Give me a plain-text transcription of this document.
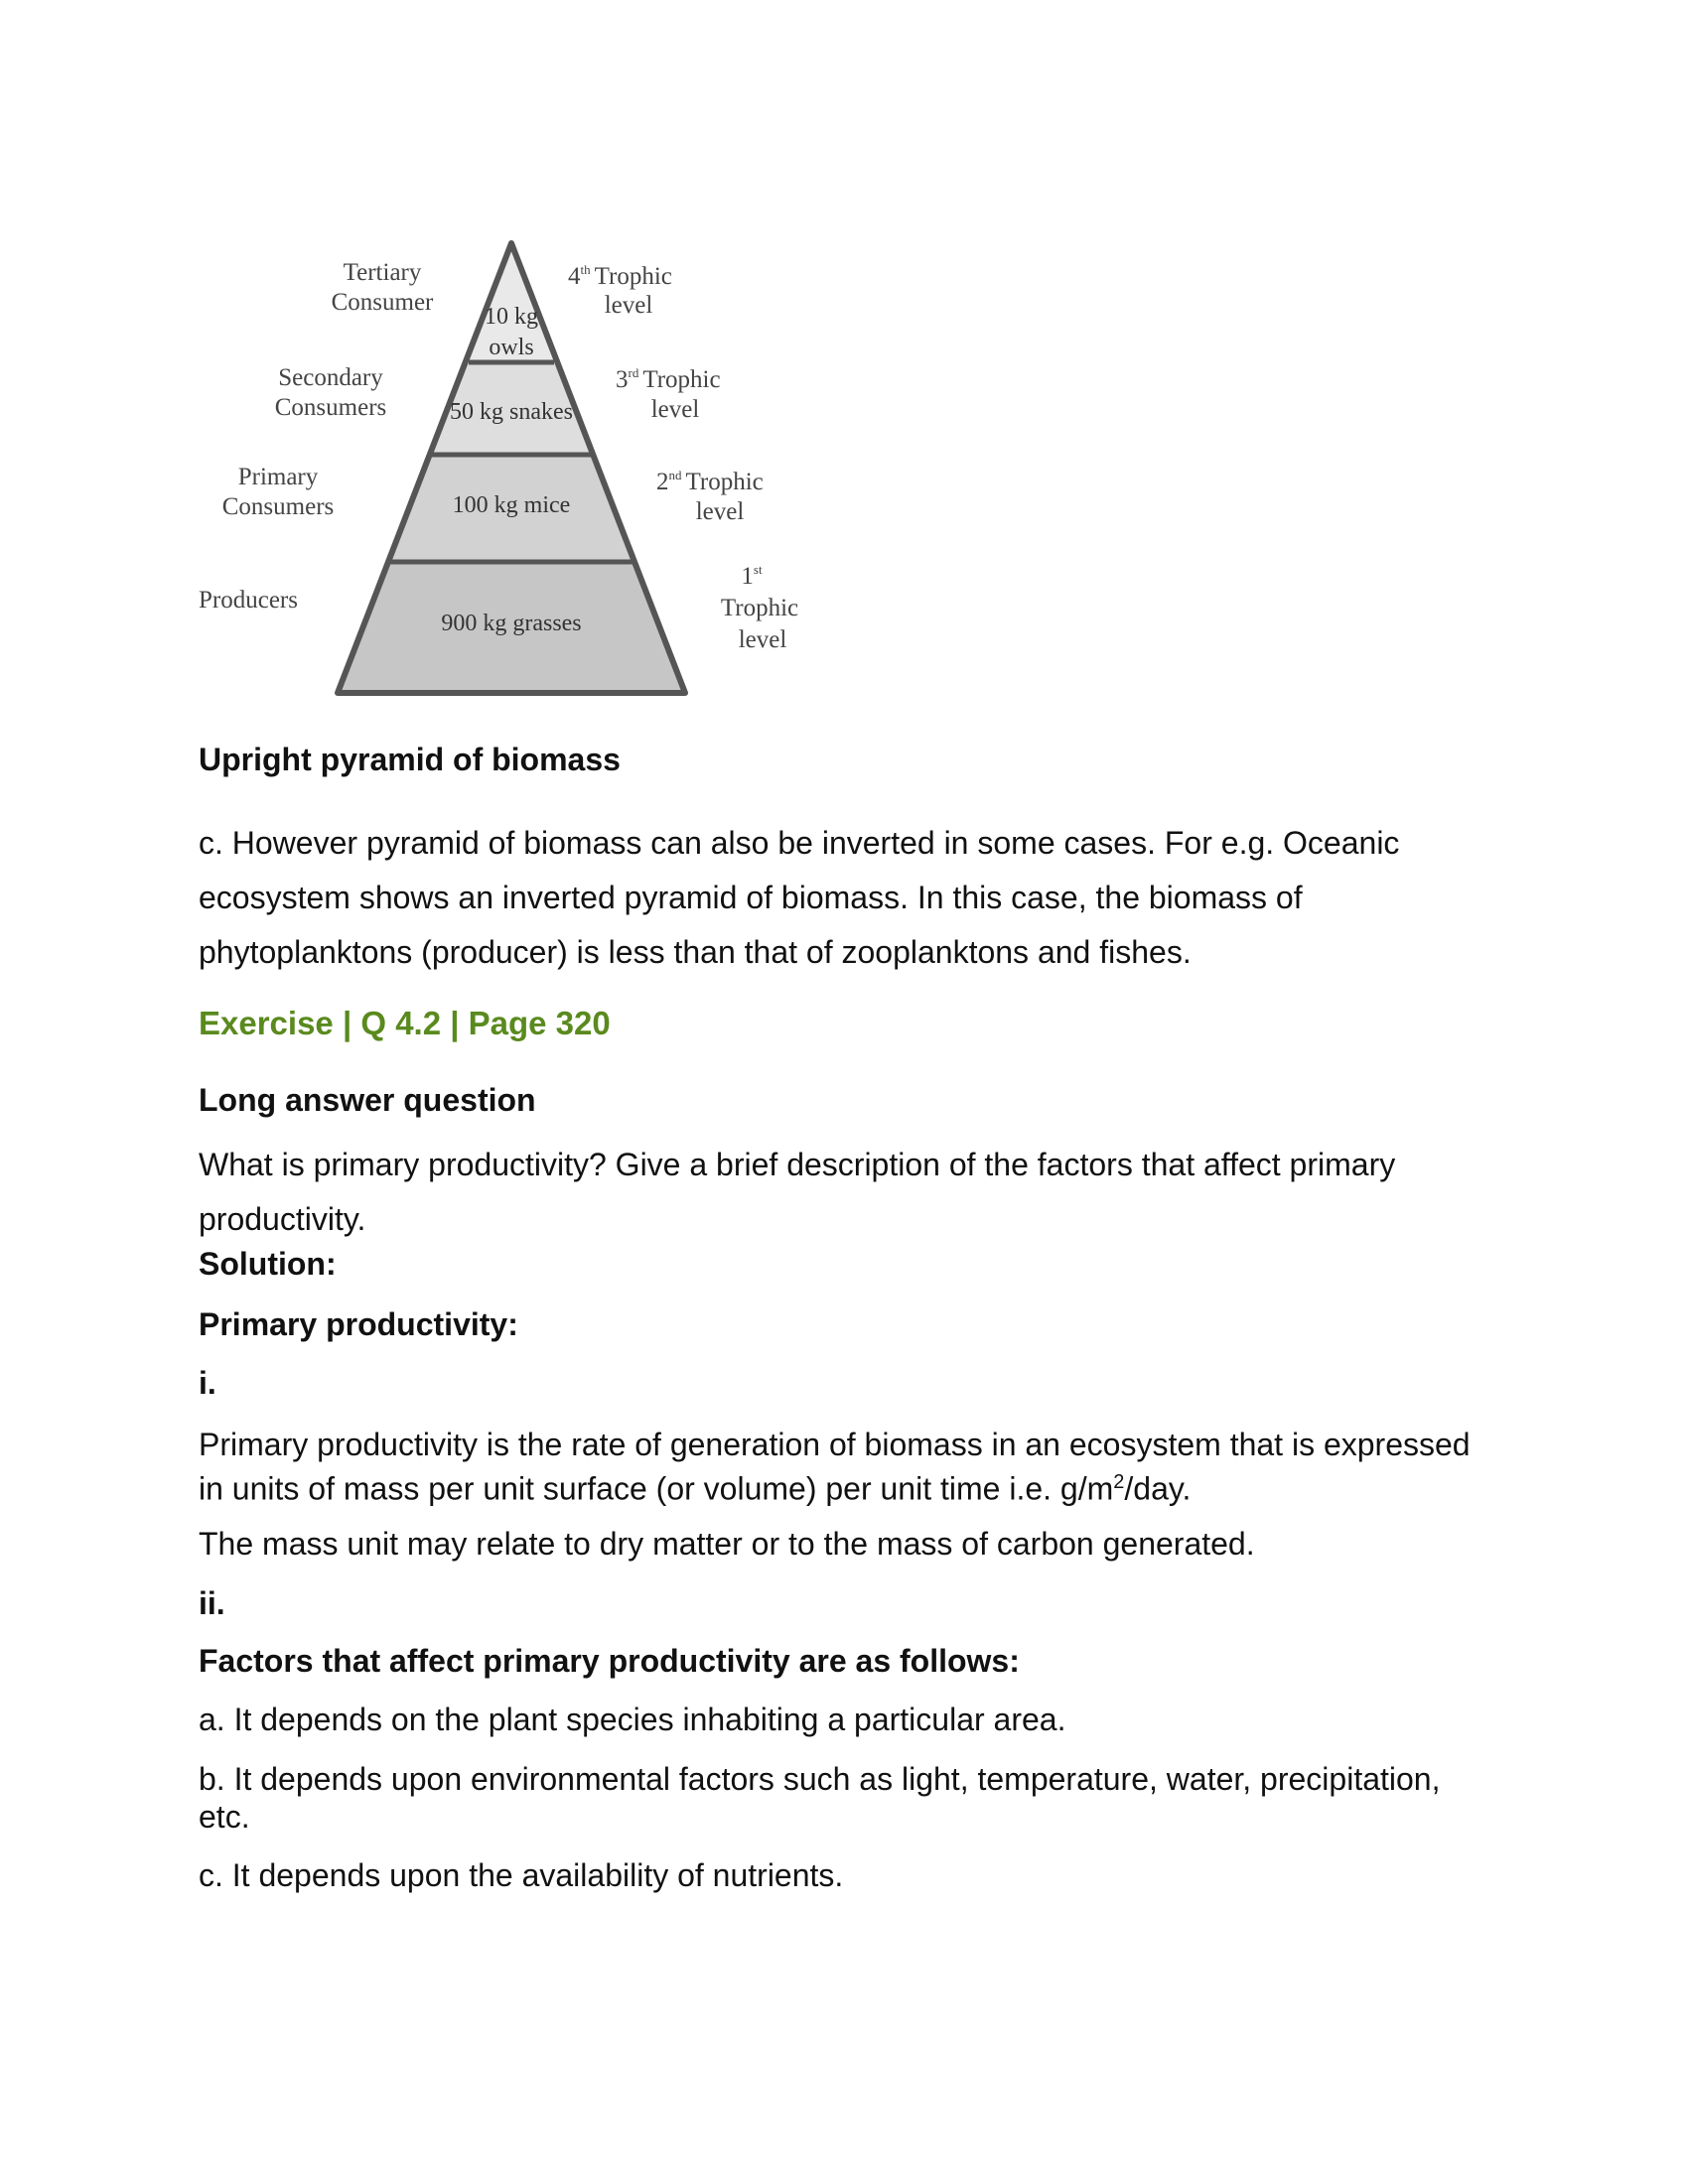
10 kg
owls
50 kg snakes
100 kg mice
900 kg grasses
Tertiary
Consumer
Secondary
Consumers
Primary
Consumers
Producers
4th Trophic
level
3rd Trophic
level
2nd Trophic
level
1st
Trophic
level

Upright pyramid of biomass

c. However pyramid of biomass can also be inverted in some cases. For e.g. Oceanic ecosystem shows an inverted pyramid of biomass. In this case, the biomass of phytoplanktons (producer) is less than that of zooplanktons and fishes.

Exercise | Q 4.2 | Page 320

Long answer question
What is primary productivity? Give a brief description of the factors that affect primary productivity.
Solution:
Primary productivity:
i.
Primary productivity is the rate of generation of biomass in an ecosystem that is expressed in units of mass per unit surface (or volume) per unit time i.e. $g/m^2$/day.
The mass unit may relate to dry matter or to the mass of carbon generated.
ii.
Factors that affect primary productivity are as follows:
a. It depends on the plant species inhabiting a particular area.
b. It depends upon environmental factors such as light, temperature, water, precipitation, etc.
c. It depends upon the availability of nutrients.
